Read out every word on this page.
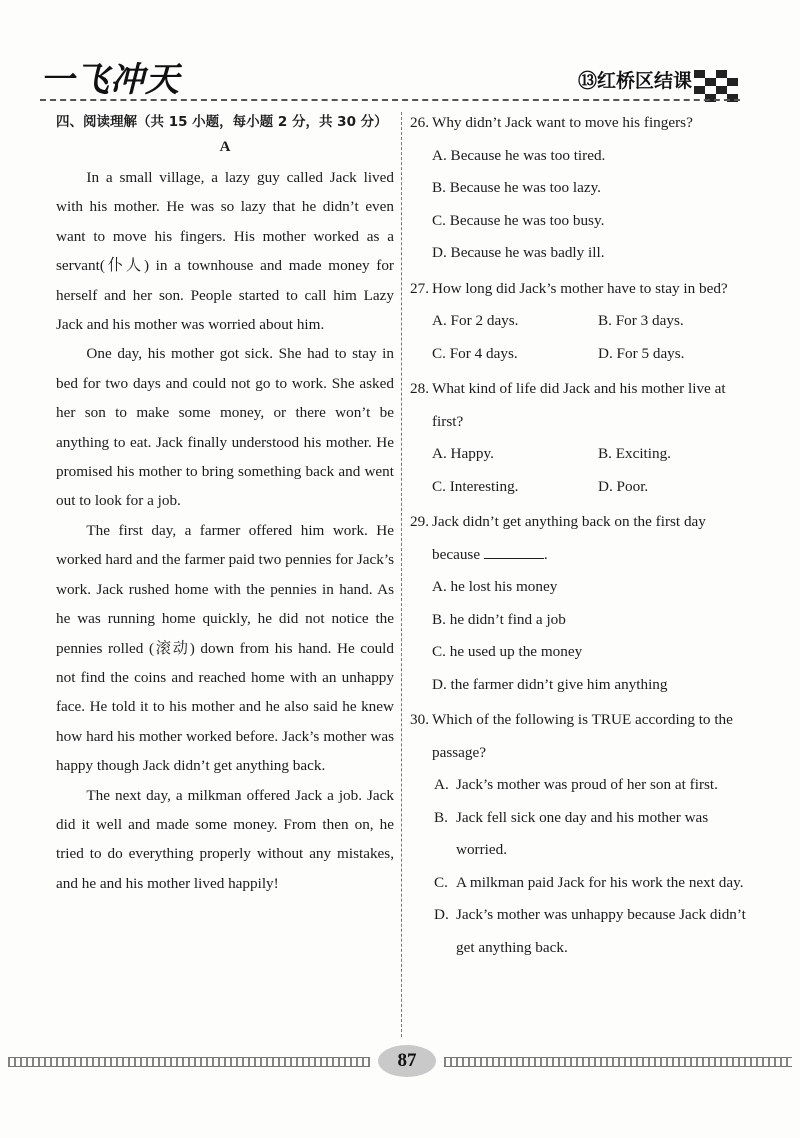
一飞冲天	⑬红桥区结课

四、阅读理解（共 15 小题，每小题 2 分，共 30 分）

A

In a small village, a lazy guy called Jack lived with his mother. He was so lazy that he didn’t even want to move his fingers. His mother worked as a servant(仆人) in a townhouse and made money for herself and her son. People started to call him Lazy Jack and his mother was worried about him.

One day, his mother got sick. She had to stay in bed for two days and could not go to work. She asked her son to make some money, or there won’t be anything to eat. Jack finally understood his mother. He promised his mother to bring something back and went out to look for a job.

The first day, a farmer offered him work. He worked hard and the farmer paid two pennies for Jack’s work. Jack rushed home with the pennies in hand. As he was running home quickly, he did not notice the pennies rolled (滚动) down from his hand. He could not find the coins and reached home with an unhappy face. He told it to his mother and he also said he knew how hard his mother worked before. Jack’s mother was happy though Jack didn’t get anything back.

The next day, a milkman offered Jack a job. Jack did it well and made some money. From then on, he tried to do everything properly without any mistakes, and he and his mother lived happily!

26. Why didn’t Jack want to move his fingers?
A. Because he was too tired.
B. Because he was too lazy.
C. Because he was too busy.
D. Because he was badly ill.
27. How long did Jack’s mother have to stay in bed?
A. For 2 days.	B. For 3 days.
C. For 4 days.	D. For 5 days.
28. What kind of life did Jack and his mother live at first?
A. Happy.	B. Exciting.
C. Interesting.	D. Poor.
29. Jack didn’t get anything back on the first day because	.
A. he lost his money
B. he didn’t find a job
C. he used up the money
D. the farmer didn’t give him anything
30. Which of the following is TRUE according to the passage?
A. Jack’s mother was proud of her son at first.
B. Jack fell sick one day and his mother was worried.
C. A milkman paid Jack for his work the next day.
D. Jack’s mother was unhappy because Jack didn’t get anything back.
87
